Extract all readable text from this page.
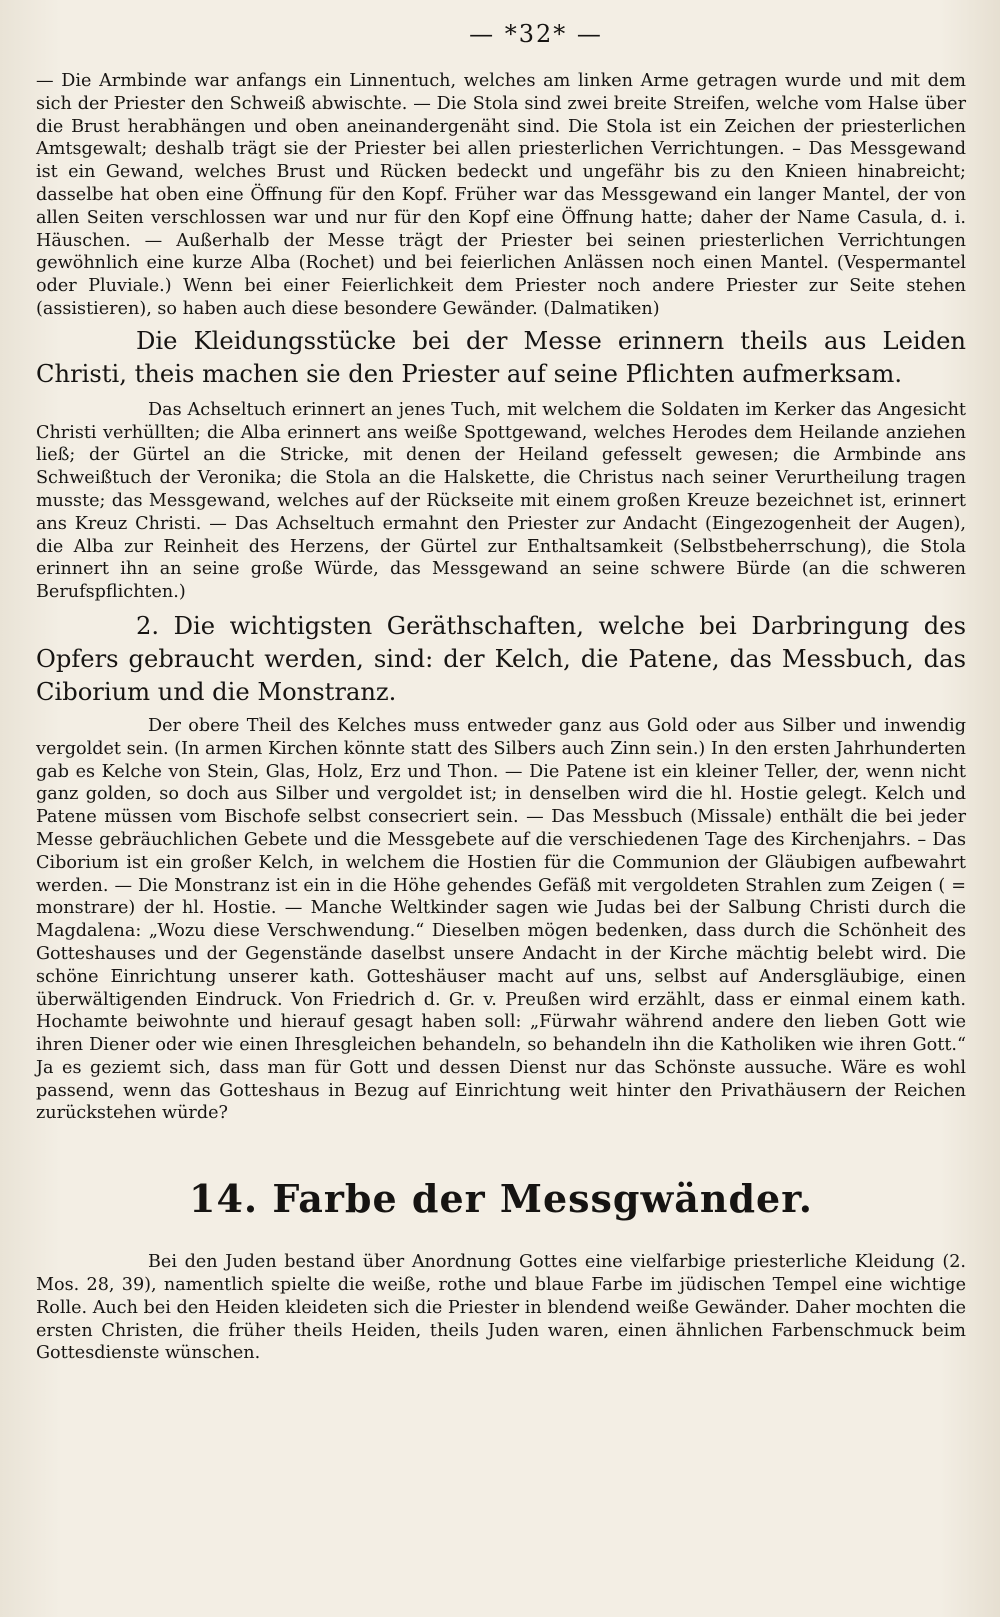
— *32* —

— Die Armbinde war anfangs ein Linnentuch, welches am linken Arme getragen wurde und mit dem sich der Priester den Schweiß abwischte. — Die Stola sind zwei breite Streifen, welche vom Halse über die Brust herabhängen und oben aneinandergenäht sind. Die Stola ist ein Zeichen der priesterlichen Amtsgewalt; deshalb trägt sie der Priester bei allen priesterlichen Verrichtungen. – Das Messgewand ist ein Gewand, welches Brust und Rücken bedeckt und ungefähr bis zu den Knieen hinabreicht; dasselbe hat oben eine Öffnung für den Kopf. Früher war das Messgewand ein langer Mantel, der von allen Seiten verschlossen war und nur für den Kopf eine Öffnung hatte; daher der Name Casula, d. i. Häuschen. — Außerhalb der Messe trägt der Priester bei seinen priesterlichen Verrichtungen gewöhnlich eine kurze Alba (Rochet) und bei feierlichen Anlässen noch einen Mantel. (Vespermantel oder Pluviale.) Wenn bei einer Feierlichkeit dem Priester noch andere Priester zur Seite stehen (assistieren), so haben auch diese besondere Gewänder. (Dalmatiken)

Die Kleidungsstücke bei der Messe erinnern theils aus Leiden Christi, theis machen sie den Priester auf seine Pflichten aufmerksam.

Das Achseltuch erinnert an jenes Tuch, mit welchem die Soldaten im Kerker das Angesicht Christi verhüllten; die Alba erinnert ans weiße Spottgewand, welches Herodes dem Heilande anziehen ließ; der Gürtel an die Stricke, mit denen der Heiland gefesselt gewesen; die Armbinde ans Schweißtuch der Veronika; die Stola an die Halskette, die Christus nach seiner Verurtheilung tragen musste; das Messgewand, welches auf der Rückseite mit einem großen Kreuze bezeichnet ist, erinnert ans Kreuz Christi. — Das Achseltuch ermahnt den Priester zur Andacht (Eingezogenheit der Augen), die Alba zur Reinheit des Herzens, der Gürtel zur Enthaltsamkeit (Selbstbeherrschung), die Stola erinnert ihn an seine große Würde, das Messgewand an seine schwere Bürde (an die schweren Berufspflichten.)

2. Die wichtigsten Geräthschaften, welche bei Darbringung des Opfers gebraucht werden, sind: der Kelch, die Patene, das Messbuch, das Ciborium und die Monstranz.

Der obere Theil des Kelches muss entweder ganz aus Gold oder aus Silber und inwendig vergoldet sein. (In armen Kirchen könnte statt des Silbers auch Zinn sein.) In den ersten Jahrhunderten gab es Kelche von Stein, Glas, Holz, Erz und Thon. — Die Patene ist ein kleiner Teller, der, wenn nicht ganz golden, so doch aus Silber und vergoldet ist; in denselben wird die hl. Hostie gelegt. Kelch und Patene müssen vom Bischofe selbst consecriert sein. — Das Messbuch (Missale) enthält die bei jeder Messe gebräuchlichen Gebete und die Messgebete auf die verschiedenen Tage des Kirchenjahrs. – Das Ciborium ist ein großer Kelch, in welchem die Hostien für die Communion der Gläubigen aufbewahrt werden. — Die Monstranz ist ein in die Höhe gehendes Gefäß mit vergoldeten Strahlen zum Zeigen ( = monstrare) der hl. Hostie. — Manche Weltkinder sagen wie Judas bei der Salbung Christi durch die Magdalena: „Wozu diese Verschwendung.“ Dieselben mögen bedenken, dass durch die Schönheit des Gotteshauses und der Gegenstände daselbst unsere Andacht in der Kirche mächtig belebt wird. Die schöne Einrichtung unserer kath. Gotteshäuser macht auf uns, selbst auf Andersgläubige, einen überwältigenden Eindruck. Von Friedrich d. Gr. v. Preußen wird erzählt, dass er einmal einem kath. Hochamte beiwohnte und hierauf gesagt haben soll: „Fürwahr während andere den lieben Gott wie ihren Diener oder wie einen Ihresgleichen behandeln, so behandeln ihn die Katholiken wie ihren Gott.“ Ja es geziemt sich, dass man für Gott und dessen Dienst nur das Schönste aussuche. Wäre es wohl passend, wenn das Gotteshaus in Bezug auf Einrichtung weit hinter den Privathäusern der Reichen zurückstehen würde?

14. Farbe der Messgwänder.

Bei den Juden bestand über Anordnung Gottes eine vielfarbige priesterliche Kleidung (2. Mos. 28, 39), namentlich spielte die weiße, rothe und blaue Farbe im jüdischen Tempel eine wichtige Rolle. Auch bei den Heiden kleideten sich die Priester in blendend weiße Gewänder. Daher mochten die ersten Christen, die früher theils Heiden, theils Juden waren, einen ähnlichen Farbenschmuck beim Gottesdienste wünschen.
